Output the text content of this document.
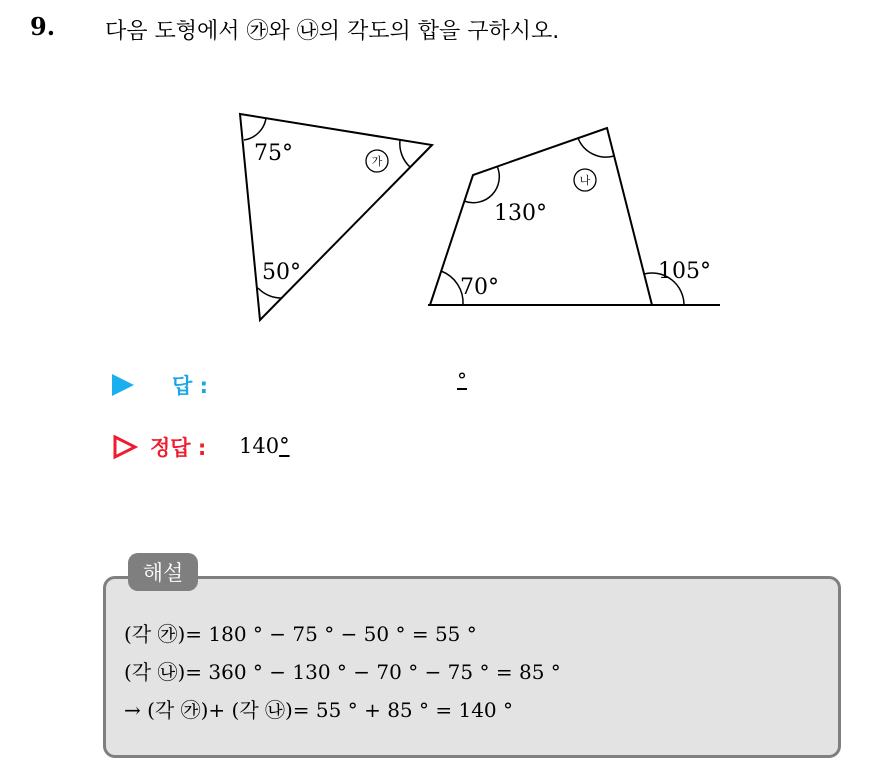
9. 다음 도형에서 ㉮와 ㉯의 각도의 합을 구하시오.
75°
50°
가
130°
70°
105°
나
답 :	°
정답 : 140°
해설
(각 ㉮)= 180 ° − 75 ° − 50 ° = 55 °
(각 ㉯)= 360 ° − 130 ° − 70 ° − 75 ° = 85 °
→ (각 ㉮)+ (각 ㉯)= 55 ° + 85 ° = 140 °
